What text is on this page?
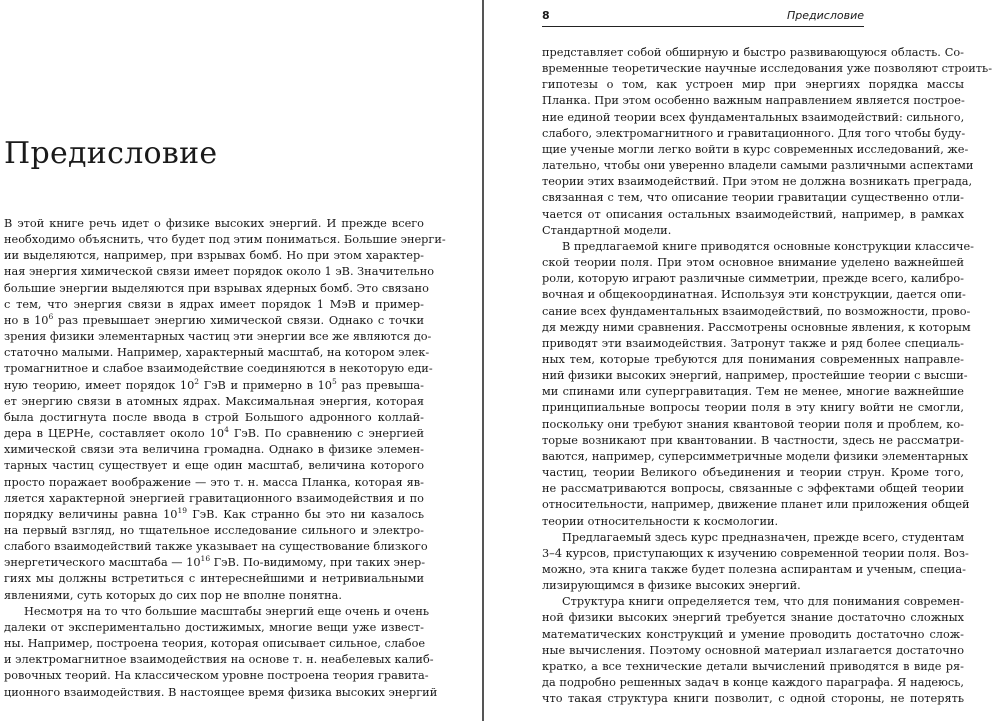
Предисловие

В этой книге речь идет о физике высоких энергий. И прежде всего
необходимо объяснить, что будет под этим пониматься. Большие энерги-
ии выделяются, например, при взрывах бомб. Но при этом характер-
ная энергия химической связи имеет порядок около 1 эВ. Значительно
большие энергии выделяются при взрывах ядерных бомб. Это связано
с тем, что энергия связи в ядрах имеет порядок 1 МэВ и пример-
но в $10^6$ раз превышает энергию химической связи. Однако с точки
зрения физики элементарных частиц эти энергии все же являются до-
статочно малыми. Например, характерный масштаб, на котором элек-
тромагнитное и слабое взаимодействие соединяются в некоторую еди-
ную теорию, имеет порядок $10^2$ ГэВ и примерно в $10^5$ раз превыша-
ет энергию связи в атомных ядрах. Максимальная энергия, которая
была достигнута после ввода в строй Большого адронного коллай-
дера в ЦЕРНе, составляет около $10^4$ ГэВ. По сравнению с энергией
химической связи эта величина громадна. Однако в физике элемен-
тарных частиц существует и еще один масштаб, величина которого
просто поражает воображение — это т. н. масса Планка, которая яв-
ляется характерной энергией гравитационного взаимодействия и по
порядку величины равна $10^{19}$ ГэВ. Как странно бы это ни казалось
на первый взгляд, но тщательное исследование сильного и электро-
слабого взаимодействий также указывает на существование близкого
энергетического масштаба — $10^{16}$ ГэВ. По-видимому, при таких энер-
гиях мы должны встретиться с интереснейшими и нетривиальными
явлениями, суть которых до сих пор не вполне понятна.

Несмотря на то что большие масштабы энергий еще очень и очень
далеки от экспериментально достижимых, многие вещи уже извест-
ны. Например, построена теория, которая описывает сильное, слабое
и электромагнитное взаимодействия на основе т. н. неабелевых калиб-
ровочных теорий. На классическом уровне построена теория гравита-
ционного взаимодействия. В настоящее время физика высоких энергий

8	Предисловие

представляет собой обширную и быстро развивающуюся область. Со-
временные теоретические научные исследования уже позволяют строить-
гипотезы о том, как устроен мир при энергиях порядка массы
Планка. При этом особенно важным направлением является построе-
ние единой теории всех фундаментальных взаимодействий: сильного,
слабого, электромагнитного и гравитационного. Для того чтобы буду-
щие ученые могли легко войти в курс современных исследований, же-
лательно, чтобы они уверенно владели самыми различными аспектами
теории этих взаимодействий. При этом не должна возникать преграда,
связанная с тем, что описание теории гравитации существенно отли-
чается от описания остальных взаимодействий, например, в рамках
Стандартной модели.

В предлагаемой книге приводятся основные конструкции классиче-
ской теории поля. При этом основное внимание уделено важнейшей
роли, которую играют различные симметрии, прежде всего, калибро-
вочная и общекоординатная. Используя эти конструкции, дается опи-
сание всех фундаментальных взаимодействий, по возможности, прово-
дя между ними сравнения. Рассмотрены основные явления, к которым
приводят эти взаимодействия. Затронут также и ряд более специаль-
ных тем, которые требуются для понимания современных направле-
ний физики высоких энергий, например, простейшие теории с высши-
ми спинами или супергравитация. Тем не менее, многие важнейшие
принципиальные вопросы теории поля в эту книгу войти не смогли,
поскольку они требуют знания квантовой теории поля и проблем, ко-
торые возникают при квантовании. В частности, здесь не рассматри-
ваются, например, суперсимметричные модели физики элементарных
частиц, теории Великого объединения и теории струн. Кроме того,
не рассматриваются вопросы, связанные с эффектами общей теории
относительности, например, движение планет или приложения общей
теории относительности к космологии.

Предлагаемый здесь курс предназначен, прежде всего, студентам
3–4 курсов, приступающих к изучению современной теории поля. Воз-
можно, эта книга также будет полезна аспирантам и ученым, специа-
лизирующимся в физике высоких энергий.

Структура книги определяется тем, что для понимания современ-
ной физики высоких энергий требуется знание достаточно сложных
математических конструкций и умение проводить достаточно слож-
ные вычисления. Поэтому основной материал излагается достаточно
кратко, а все технические детали вычислений приводятся в виде ря-
да подробно решенных задач в конце каждого параграфа. Я надеюсь,
что такая структура книги позволит, с одной стороны, не потерять
